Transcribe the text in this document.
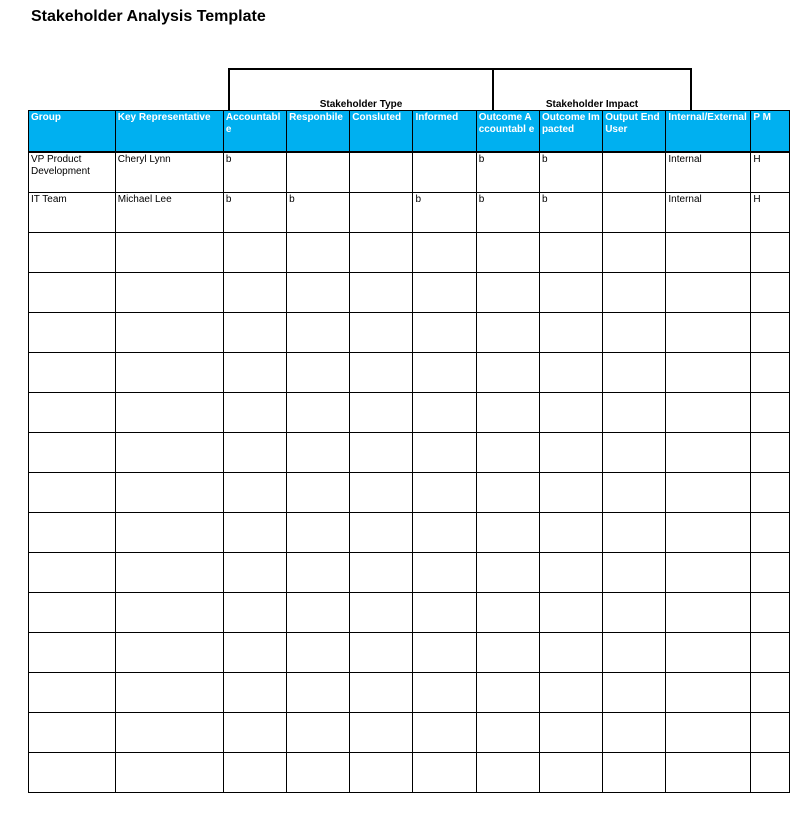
Stakeholder Analysis Template
Stakeholder Type	Stakeholder Impact
Group	Key Representative	Accountabl e	Responbile	Consluted	Informed	Outcome Accountabl e	Outcome Impacted	Output End User	Internal/External	P M
VP Product Development	Cheryl Lynn	b				b	b		Internal	H
IT Team	Michael Lee	b	b		b	b	b		Internal	H
